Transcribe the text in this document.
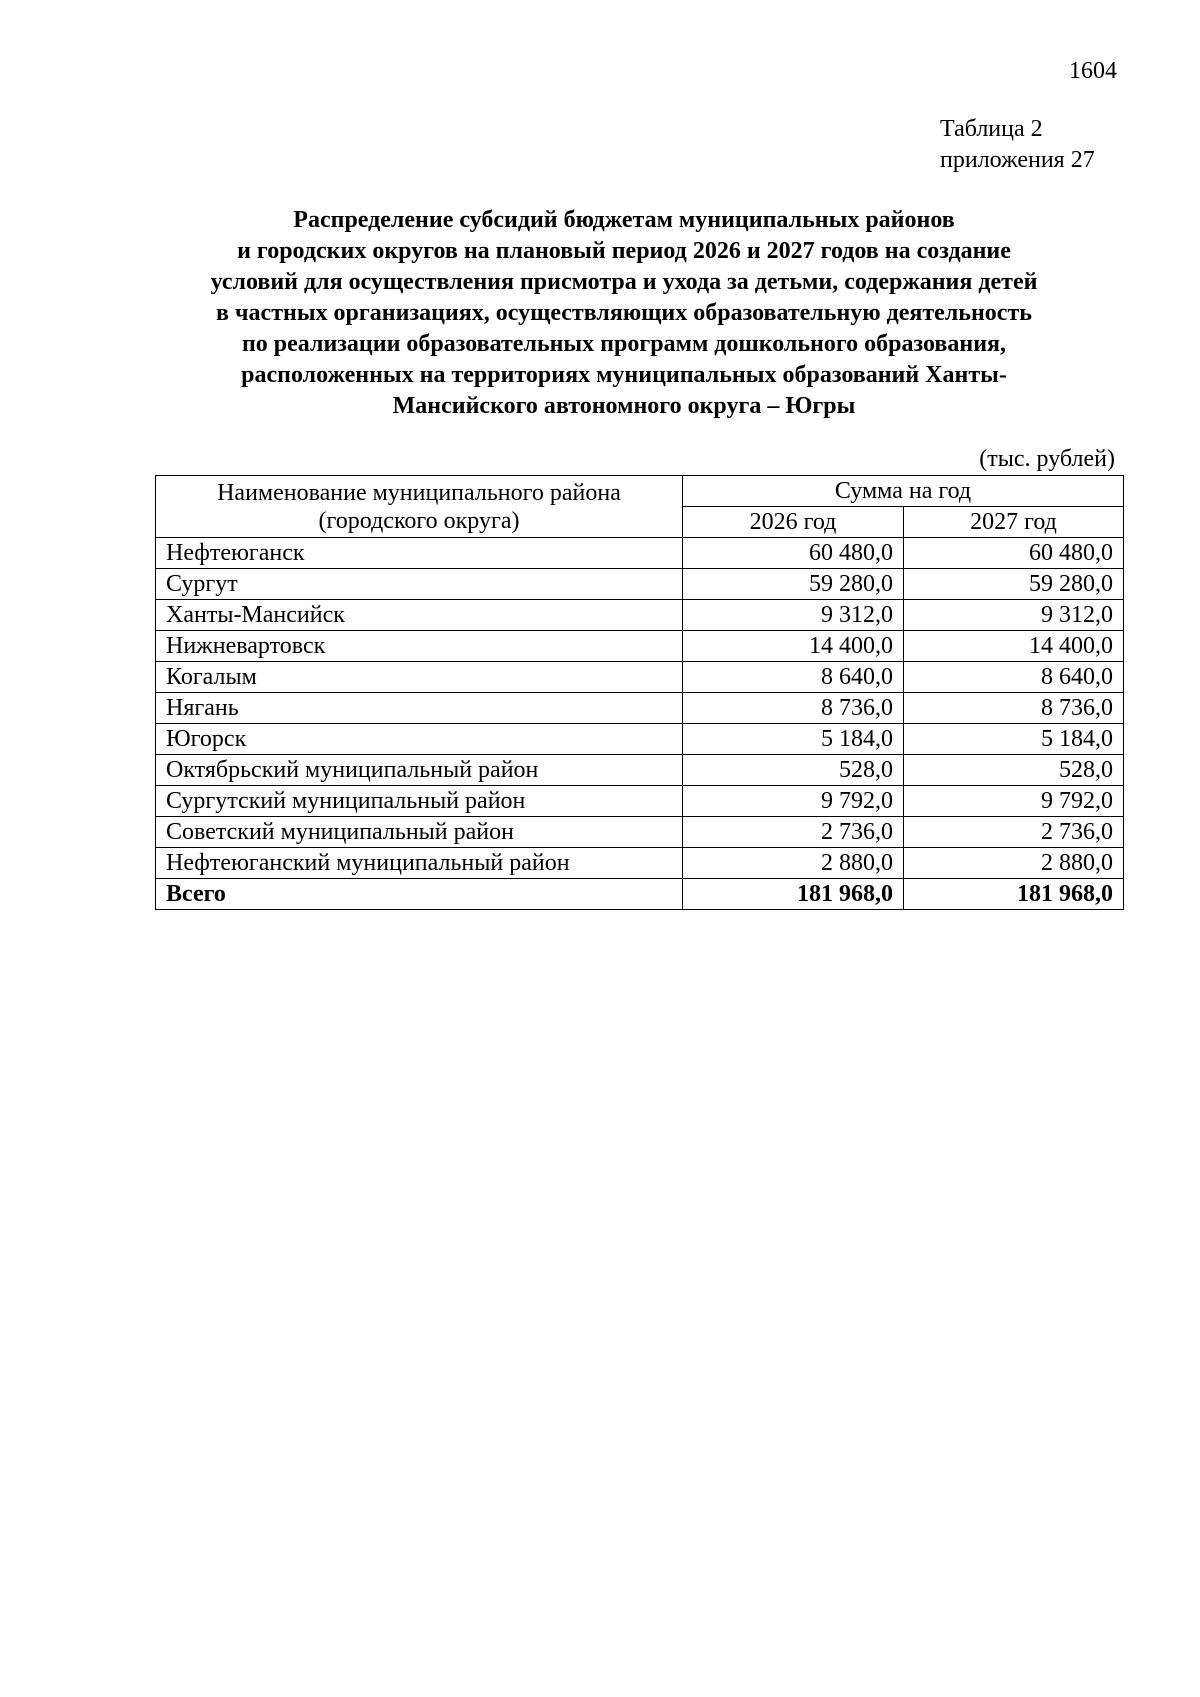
1604
Таблица 2
приложения 27
Распределение субсидий бюджетам муниципальных районов
и городских округов на плановый период 2026 и 2027 годов на создание
условий для осуществления присмотра и ухода за детьми, содержания детей
в частных организациях, осуществляющих образовательную деятельность
по реализации образовательных программ дошкольного образования,
расположенных на территориях муниципальных образований Ханты-
Мансийского автономного округа – Югры
(тыс. рублей)
Наименование муниципального района
(городского округа)	Сумма на год	
	2026 год	2027 год
Нефтеюганск	60 480,0	60 480,0
Сургут	59 280,0	59 280,0
Ханты-Мансийск	9 312,0	9 312,0
Нижневартовск	14 400,0	14 400,0
Когалым	8 640,0	8 640,0
Нягань	8 736,0	8 736,0
Югорск	5 184,0	5 184,0
Октябрьский муниципальный район	528,0	528,0
Сургутский муниципальный район	9 792,0	9 792,0
Советский муниципальный район	2 736,0	2 736,0
Нефтеюганский муниципальный район	2 880,0	2 880,0
Всего	181 968,0	181 968,0
